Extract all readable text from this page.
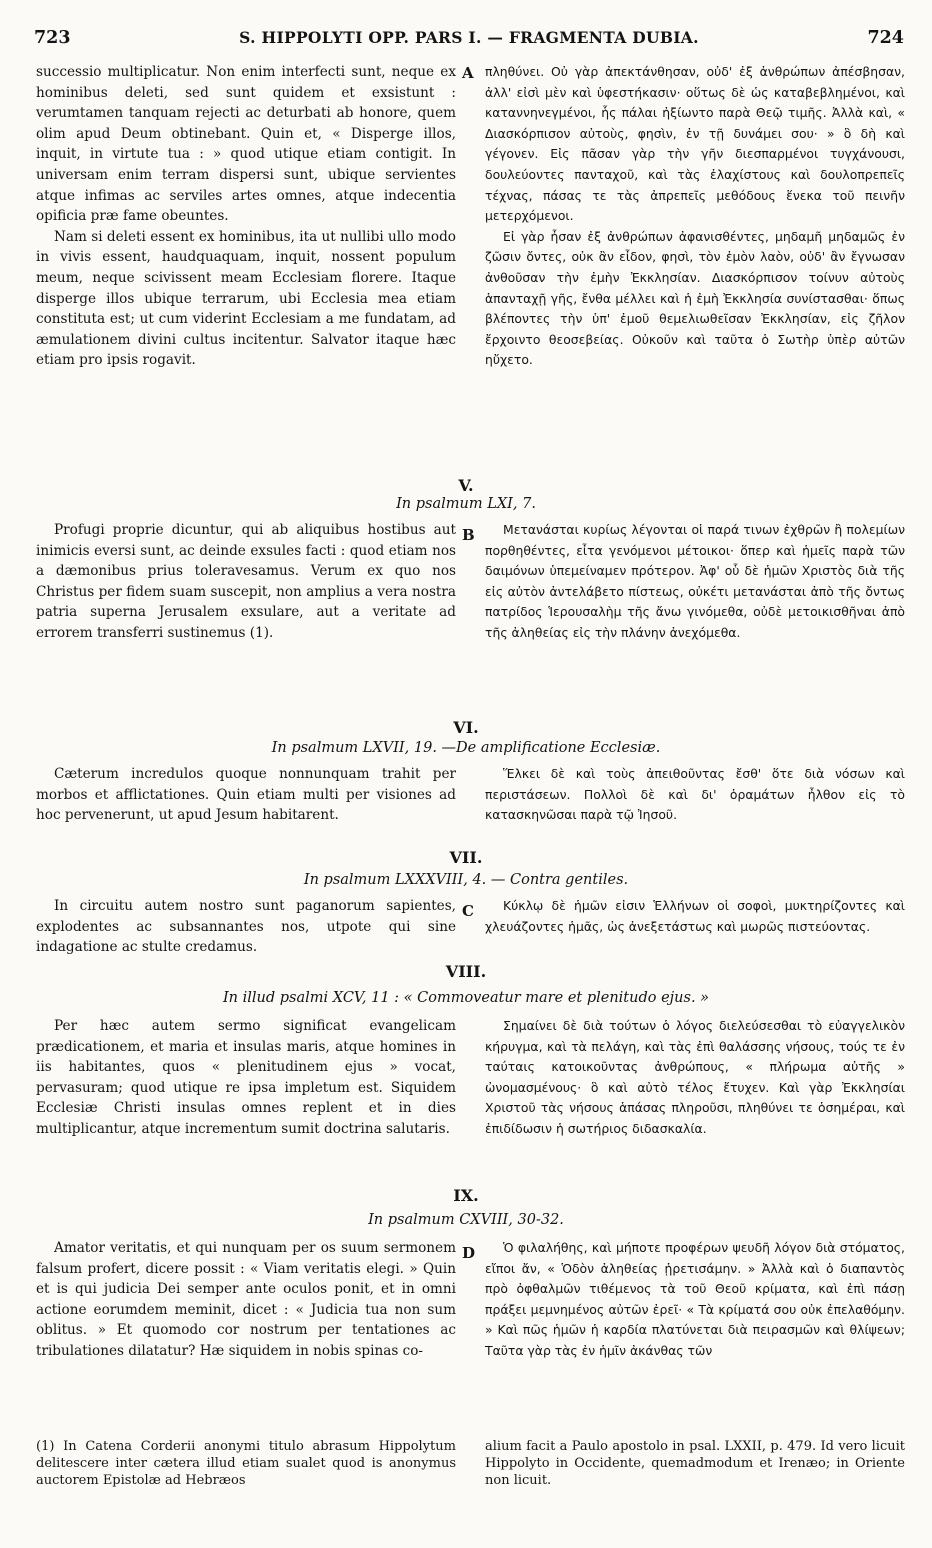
723	S. HIPPOLYTI OPP. PARS I. — FRAGMENTA DUBIA.	724

successio multiplicatur. Non enim interfecti sunt, neque ex hominibus deleti, sed sunt quidem et exsistunt : verumtamen tanquam rejecti ac deturbati ab honore, quem olim apud Deum obtinebant. Quin et, « Disperge illos, inquit, in virtute tua : » quod utique etiam contigit. In universam enim terram dispersi sunt, ubique servientes atque infimas ac serviles artes omnes, atque indecentia opificia præ fame obeuntes.

Nam si deleti essent ex hominibus, ita ut nullibi ullo modo in vivis essent, haudquaquam, inquit, nossent populum meum, neque scivissent meam Ecclesiam florere. Itaque disperge illos ubique terrarum, ubi Ecclesia mea etiam constituta est; ut cum viderint Ecclesiam a me fundatam, ad æmulationem divini cultus incitentur. Salvator itaque hæc etiam pro ipsis rogavit.

A πληθύνει. Οὐ γὰρ ἀπεκτάνθησαν, οὐδ' ἐξ ἀνθρώπων ἀπέσβησαν, ἀλλ' εἰσὶ μὲν καὶ ὑφεστήκασιν· οὕτως δὲ ὡς καταβεβλημένοι, καὶ καταννηνεγμένοι, ἧς πάλαι ἠξίωντο παρὰ Θεῷ τιμῆς. Ἀλλὰ καὶ, « Διασκόρπισον αὐτοὺς, φησὶν, ἐν τῇ δυνάμει σου· » ὃ δὴ καὶ γέγονεν. Εἰς πᾶσαν γὰρ τὴν γῆν διεσπαρμένοι τυγχάνουσι, δουλεύοντες πανταχοῦ, καὶ τὰς ἐλαχίστους καὶ δουλοπρεπεῖς τέχνας, πάσας τε τὰς ἀπρεπεῖς μεθόδους ἕνεκα τοῦ πεινῆν μετερχόμενοι.

Εἰ γὰρ ἦσαν ἐξ ἀνθρώπων ἀφανισθέντες, μηδαμῆ μηδαμῶς ἐν ζῶσιν ὄντες, οὐκ ἂν εἶδον, φησὶ, τὸν ἐμὸν λαὸν, οὐδ' ἂν ἔγνωσαν ἀνθοῦσαν τὴν ἐμὴν Ἐκκλησίαν. Διασκόρπισον τοίνυν αὐτοὺς ἁπανταχῇ γῆς, ἔνθα μέλλει καὶ ἡ ἐμὴ Ἐκκλησία συνίστασθαι· ὅπως βλέποντες τὴν ὑπ' ἐμοῦ θεμελιωθεῖσαν Ἐκκλησίαν, εἰς ζῆλον ἔρχοιντο θεοσεβείας. Οὐκοῦν καὶ ταῦτα ὁ Σωτὴρ ὑπὲρ αὐτῶν ηὔχετο.

V.
In psalmum LXI, 7.

Profugi proprie dicuntur, qui ab aliquibus hostibus aut inimicis eversi sunt, ac deinde exsules facti : quod etiam nos a dæmonibus prius toleravesamus. Verum ex quo nos Christus per fidem suam suscepit, non amplius a vera nostra patria superna Jerusalem exsulare, aut a veritate ad errorem transferri sustinemus (1).

B	Μετανάσται κυρίως λέγονται οἱ παρά τινων ἐχθρῶν ἢ πολεμίων πορθηθέντες, εἶτα γενόμενοι μέτοικοι· ὅπερ καὶ ἡμεῖς παρὰ τῶν δαιμόνων ὑπεμείναμεν πρότερον. Ἀφ' οὗ δὲ ἡμῶν Χριστὸς διὰ τῆς εἰς αὐτὸν ἀντελάβετο πίστεως, οὐκέτι μετανάσται ἀπὸ τῆς ὄντως πατρίδος Ἱερουσαλὴμ τῆς ἄνω γινόμεθα, οὐδὲ μετοικισθῆναι ἀπὸ τῆς ἀληθείας εἰς τὴν πλάνην ἀνεχόμεθα.

VI.
In psalmum LXVII, 19. —De amplificatione Ecclesiæ.

Cæterum incredulos quoque nonnunquam trahit per morbos et afflictationes. Quin etiam multi per visiones ad hoc pervenerunt, ut apud Jesum habitarent.

Ἕλκει δὲ καὶ τοὺς ἀπειθοῦντας ἔσθ' ὅτε διὰ νόσων καὶ περιστάσεων. Πολλοὶ δὲ καὶ δι' ὁραμάτων ἦλθον εἰς τὸ κατασκηνῶσαι παρὰ τῷ Ἰησοῦ.

VII.
In psalmum LXXXVIII, 4. — Contra gentiles.

In circuitu autem nostro sunt paganorum sapientes, explodentes ac subsannantes nos, utpote qui sine indagatione ac stulte credamus.

C	Κύκλῳ δὲ ἡμῶν εἰσιν Ἑλλήνων οἱ σοφοὶ, μυκτηρίζοντες καὶ χλευάζοντες ἡμᾶς, ὡς ἀνεξετάστως καὶ μωρῶς πιστεύοντας.

VIII.
In illud psalmi XCV, 11 : « Commoveatur mare et plenitudo ejus. »

Per hæc autem sermo significat evangelicam prædicationem, et maria et insulas maris, atque homines in iis habitantes, quos « plenitudinem ejus » vocat, pervasuram; quod utique re ipsa impletum est. Siquidem Ecclesiæ Christi insulas omnes replent et in dies multiplicantur, atque incrementum sumit doctrina salutaris.

Σημαίνει δὲ διὰ τούτων ὁ λόγος διελεύσεσθαι τὸ εὐαγγελικὸν κήρυγμα, καὶ τὰ πελάγη, καὶ τὰς ἐπὶ θαλάσσης νήσους, τούς τε ἐν ταύταις κατοικοῦντας ἀνθρώπους, « πλήρωμα αὐτῆς » ὠνομασμένους· ὃ καὶ αὐτὸ τέλος ἔτυχεν. Καὶ γὰρ Ἐκκλησίαι Χριστοῦ τὰς νήσους ἁπάσας πληροῦσι, πληθύνει τε ὁσημέραι, καὶ ἐπιδίδωσιν ἡ σωτήριος διδασκαλία.

IX.
In psalmum CXVIII, 30-32.

Amator veritatis, et qui nunquam per os suum sermonem falsum profert, dicere possit : « Viam veritatis elegi. » Quin et is qui judicia Dei semper ante oculos ponit, et in omni actione eorumdem meminit, dicet : « Judicia tua non sum oblitus. » Et quomodo cor nostrum per tentationes ac tribulationes dilatatur? Hæ siquidem in nobis spinas co-

D	Ὁ φιλαλήθης, καὶ μήποτε προφέρων ψευδῆ λόγον διὰ στόματος, εἴποι ἄν, « Ὁδὸν ἀληθείας ᾑρετισάμην. » Ἀλλὰ καὶ ὁ διαπαντὸς πρὸ ὀφθαλμῶν τιθέμενος τὰ τοῦ Θεοῦ κρίματα, καὶ ἐπὶ πάσῃ πράξει μεμνημένος αὐτῶν ἐρεῖ· « Τὰ κρίματά σου οὐκ ἐπελαθόμην. » Καὶ πῶς ἡμῶν ἡ καρδία πλατύνεται διὰ πειρασμῶν καὶ θλίψεων; Ταῦτα γὰρ τὰς ἐν ἡμῖν ἀκάνθας τῶν

(1) In Catena Corderii anonymi titulo abrasum Hippolytum delitescere inter cætera illud etiam sualet quod is anonymus auctorem Epistolæ ad Hebræos
alium facit a Paulo apostolo in psal. LXXII, p. 479. Id vero licuit Hippolyto in Occidente, quemadmodum et Irenæo; in Oriente non licuit.
